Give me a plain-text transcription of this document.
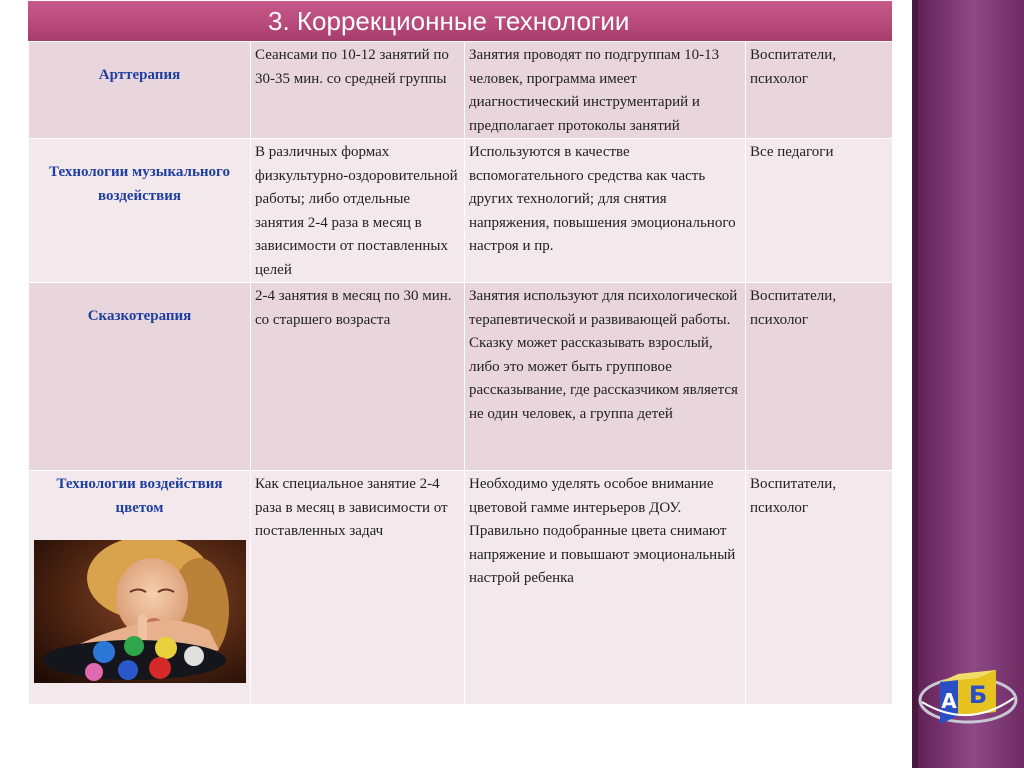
3. Коррекционные технологии
Арттерапия	Сеансами по 10-12 занятий по 30-35 мин. со средней группы	Занятия проводят по подгруппам 10-13 человек, программа имеет диагностический инструментарий и предполагает протоколы занятий	Воспитатели, психолог
Технологии музыкального воздействия	В различных формах физкультурно-оздоровительной работы; либо отдельные занятия 2-4 раза в месяц в зависимости от поставленных целей	Используются в качестве вспомогательного средства как часть других технологий; для снятия напряжения, повышения эмоционального настроя и пр.	Все педагоги
Сказкотерапия	2-4 занятия в месяц по 30 мин. со старшего возраста	Занятия используют для психологической терапевтической и развивающей работы. Сказку может рассказывать взрослый, либо это может быть групповое рассказывание, где рассказчиком является не один человек, а группа детей	Воспитатели, психолог

Технологии воздействия цветом	Как специальное занятие 2-4 раза в месяц в зависимости от поставленных задач	Необходимо уделять особое внимание цветовой гамме интерьеров ДОУ. Правильно подобранные цвета снимают напряжение и повышают эмоциональный настрой ребенка	Воспитатели, психолог
А Б
